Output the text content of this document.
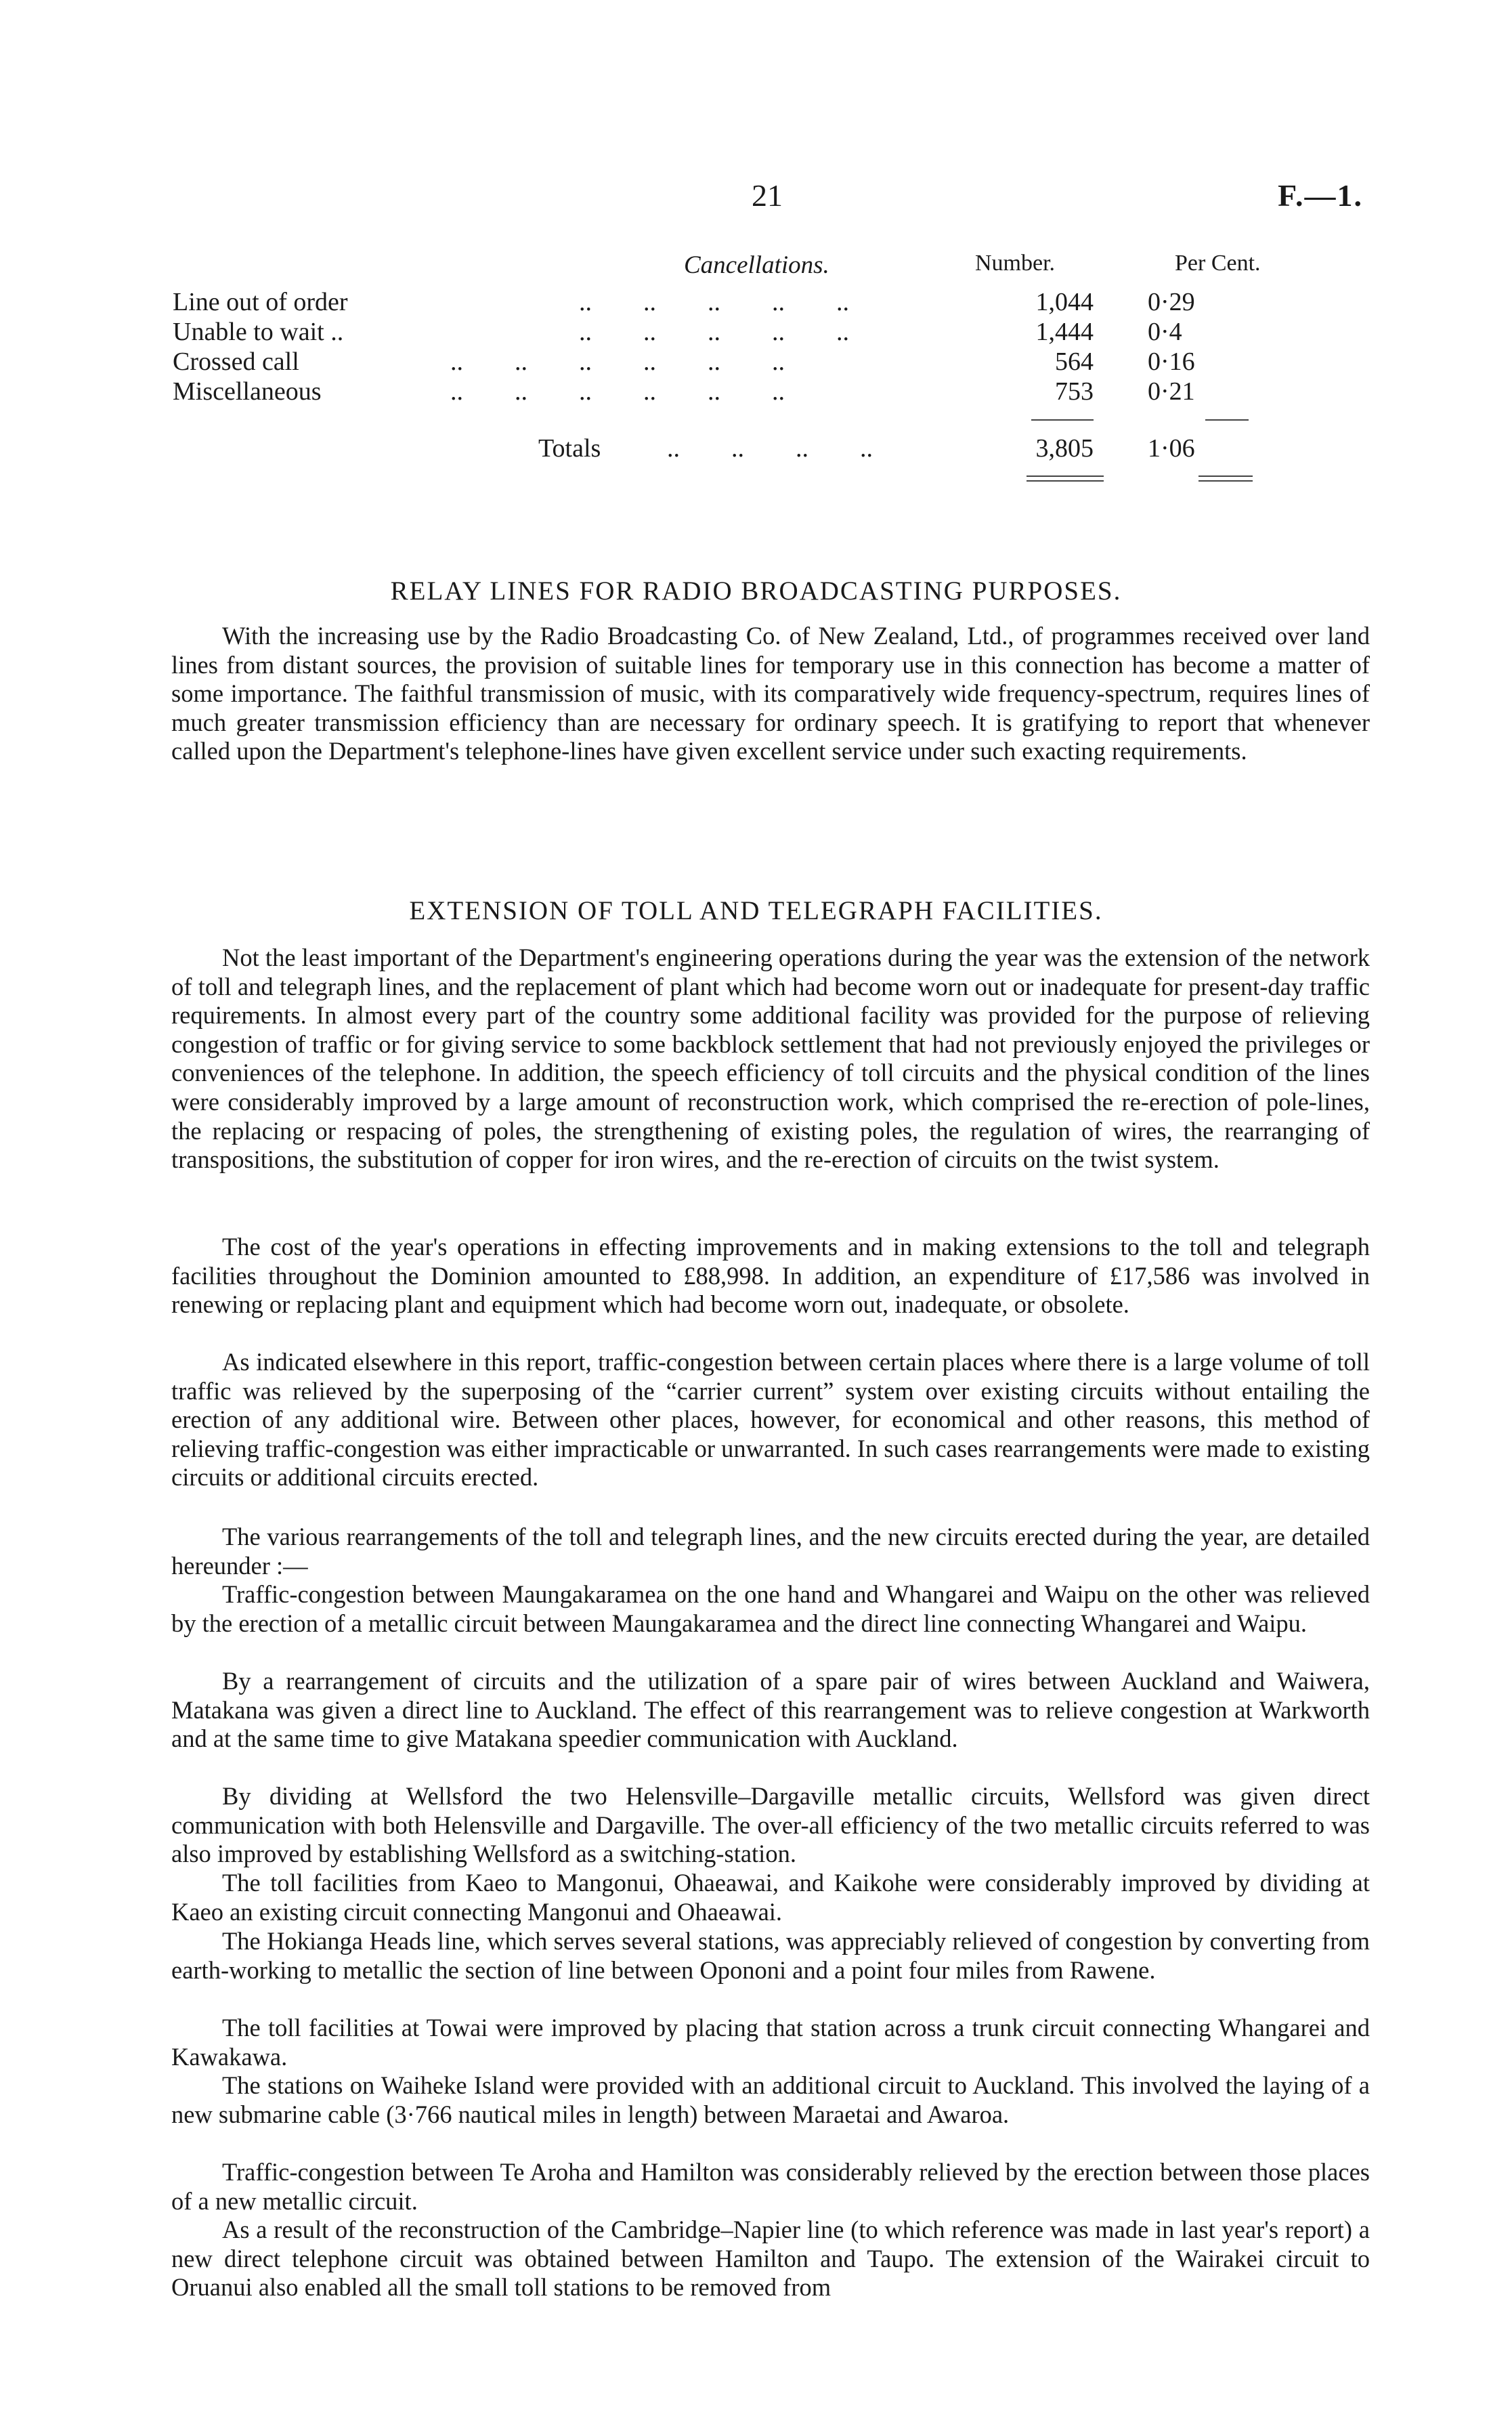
21	F.—1.
Cancellations.	Number.	Per Cent.
Line out of order	..        ..        ..        ..        ..	1,044 0·29
Unable to wait ..	..        ..        ..        ..        ..	1,444 0·4
Crossed call	..        ..        ..        ..        ..        ..	564 0·16
Miscellaneous	..        ..        ..        ..        ..        ..	753 0·21
Totals	..        ..        ..        ..	3,805 1·06
RELAY LINES FOR RADIO BROADCASTING PURPOSES.

With the increasing use by the Radio Broadcasting Co. of New Zealand, Ltd., of programmes received over land lines from distant sources, the provision of suitable lines for temporary use in this connection has become a matter of some importance. The faithful transmission of music, with its comparatively wide frequency-spectrum, requires lines of much greater transmission efficiency than are necessary for ordinary speech. It is gratifying to report that whenever called upon the Department's telephone-lines have given excellent service under such exacting requirements.

EXTENSION OF TOLL AND TELEGRAPH FACILITIES.

Not the least important of the Department's engineering operations during the year was the extension of the network of toll and telegraph lines, and the replacement of plant which had become worn out or inadequate for present-day traffic requirements. In almost every part of the country some additional facility was provided for the purpose of relieving congestion of traffic or for giving service to some backblock settlement that had not previously enjoyed the privileges or conveniences of the telephone. In addition, the speech efficiency of toll circuits and the physical condition of the lines were considerably improved by a large amount of reconstruction work, which comprised the re-erection of pole-lines, the replacing or respacing of poles, the strengthening of existing poles, the regulation of wires, the rearranging of transpositions, the substitution of copper for iron wires, and the re-erection of circuits on the twist system.

The cost of the year's operations in effecting improvements and in making extensions to the toll and telegraph facilities throughout the Dominion amounted to £88,998. In addition, an expenditure of £17,586 was involved in renewing or replacing plant and equipment which had become worn out, inadequate, or obsolete.

As indicated elsewhere in this report, traffic-congestion between certain places where there is a large volume of toll traffic was relieved by the superposing of the “carrier current” system over existing circuits without entailing the erection of any additional wire. Between other places, however, for economical and other reasons, this method of relieving traffic-congestion was either impracticable or unwarranted. In such cases rearrangements were made to existing circuits or additional circuits erected.

The various rearrangements of the toll and telegraph lines, and the new circuits erected during the year, are detailed hereunder :—

Traffic-congestion between Maungakaramea on the one hand and Whangarei and Waipu on the other was relieved by the erection of a metallic circuit between Maungakaramea and the direct line connecting Whangarei and Waipu.

By a rearrangement of circuits and the utilization of a spare pair of wires between Auckland and Waiwera, Matakana was given a direct line to Auckland. The effect of this rearrangement was to relieve congestion at Warkworth and at the same time to give Matakana speedier communication with Auckland.

By dividing at Wellsford the two Helensville–Dargaville metallic circuits, Wellsford was given direct communication with both Helensville and Dargaville. The over-all efficiency of the two metallic circuits referred to was also improved by establishing Wellsford as a switching-station.

The toll facilities from Kaeo to Mangonui, Ohaeawai, and Kaikohe were considerably improved by dividing at Kaeo an existing circuit connecting Mangonui and Ohaeawai.

The Hokianga Heads line, which serves several stations, was appreciably relieved of congestion by converting from earth-working to metallic the section of line between Opononi and a point four miles from Rawene.

The toll facilities at Towai were improved by placing that station across a trunk circuit connecting Whangarei and Kawakawa.

The stations on Waiheke Island were provided with an additional circuit to Auckland. This involved the laying of a new submarine cable (3·766 nautical miles in length) between Maraetai and Awaroa.

Traffic-congestion between Te Aroha and Hamilton was considerably relieved by the erection between those places of a new metallic circuit.

As a result of the reconstruction of the Cambridge–Napier line (to which reference was made in last year's report) a new direct telephone circuit was obtained between Hamilton and Taupo. The extension of the Wairakei circuit to Oruanui also enabled all the small toll stations to be removed from
